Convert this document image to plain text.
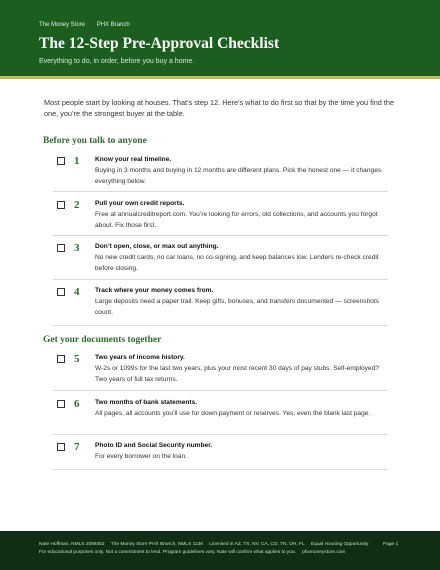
The Money Store PHX Branch
The 12-Step Pre-Approval Checklist
Everything to do, in order, before you buy a home.
Most people start by looking at houses. That’s step 12. Here’s what to do first so that by the time you find the one, you’re the strongest buyer at the table.
Before you talk to anyone
1 Know your real timeline.
Buying in 3 months and buying in 12 months are different plans. Pick the honest one — it changes everything below.
2 Pull your own credit reports.
Free at annualcreditreport.com. You’re looking for errors, old collections, and accounts you forgot about. Fix those first.
3 Don’t open, close, or max out anything.
No new credit cards, no car loans, no co-signing, and keep balances low. Lenders re-check credit before closing.
4 Track where your money comes from.
Large deposits need a paper trail. Keep gifts, bonuses, and transfers documented — screenshots count.
Get your documents together
5 Two years of income history.
W-2s or 1099s for the last two years, plus your most recent 30 days of pay stubs. Self-employed? Two years of full tax returns.
6 Two months of bank statements.
All pages, all accounts you’ll use for down payment or reserves. Yes, even the blank last page.
7 Photo ID and Social Security number.
For every borrower on the loan.
Nate Hoffman, NMLS 2088452 The Money Store PHX Branch, NMLS 1139 Licensed in AZ, TX, NV, CA, CO, TN, OH, FL Equal Housing Opportunity	Page 1
For educational purposes only. Not a commitment to lend. Program guidelines vary. Nate will confirm what applies to you. phxmoneystore.com
